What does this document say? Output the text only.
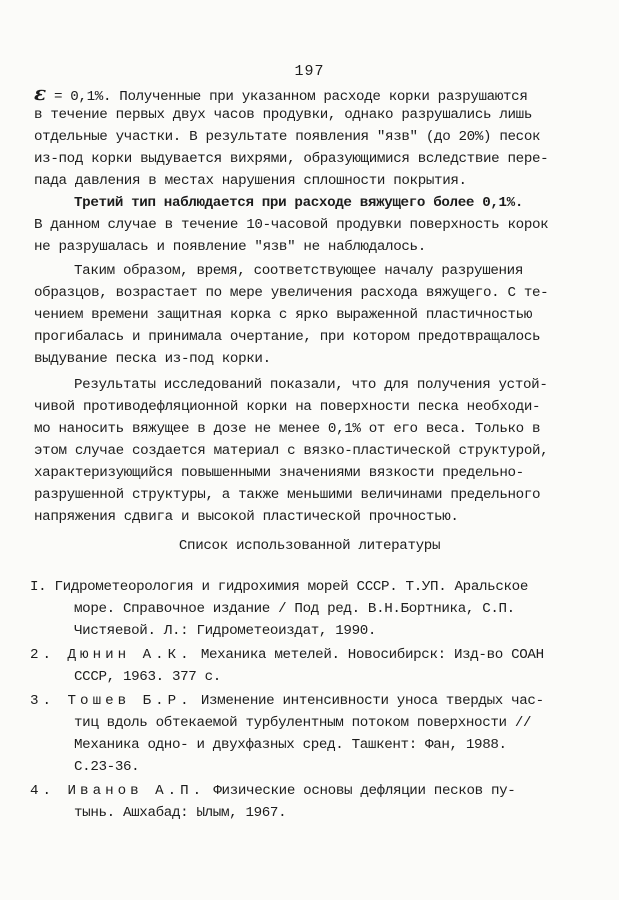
197
ε = 0,1%. Полученные при указанном расходе корки разрушаются
в течение первых двух часов продувки, однако разрушались лишь
отдельные участки. В результате появления "язв" (до 20%) песок
из-под корки выдувается вихрями, образующимися вследствие пере-
пада давления в местах нарушения сплошности покрытия.
Третий тип наблюдается при расходе вяжущего более 0,1%.
В данном случае в течение 10-часовой продувки поверхность корок
не разрушалась и появление "язв" не наблюдалось.
Таким образом, время, соответствующее началу разрушения
образцов, возрастает по мере увеличения расхода вяжущего. С те-
чением времени защитная корка с ярко выраженной пластичностью
прогибалась и принимала очертание, при котором предотвращалось
выдувание песка из-под корки.
Результаты исследований показали, что для получения устой-
чивой противодефляционной корки на поверхности песка необходи-
мо наносить вяжущее в дозе не менее 0,1% от его веса. Только в
этом случае создается материал с вязко-пластической структурой,
характеризующийся повышенными значениями вязкости предельно-
разрушенной структуры, а также меньшими величинами предельного
напряжения сдвига и высокой пластической прочностью.
Список использованной литературы
I. Гидрометеорология и гидрохимия морей СССР. Т.УП. Аральское
море. Справочное издание / Под ред. В.Н.Бортника, С.П.
Чистяевой. Л.: Гидрометеоиздат, 1990.
2. Дюнин А.К. Механика метелей. Новосибирск: Изд-во СОАН
СССР, 1963. 377 с.
3. Тошев Б.Р. Изменение интенсивности уноса твердых час-
тиц вдоль обтекаемой турбулентным потоком поверхности //
Механика одно- и двухфазных сред. Ташкент: Фан, 1988.
С.23-36.
4. Иванов А.П. Физические основы дефляции песков пу-
тынь. Ашхабад: Ылым, 1967.
